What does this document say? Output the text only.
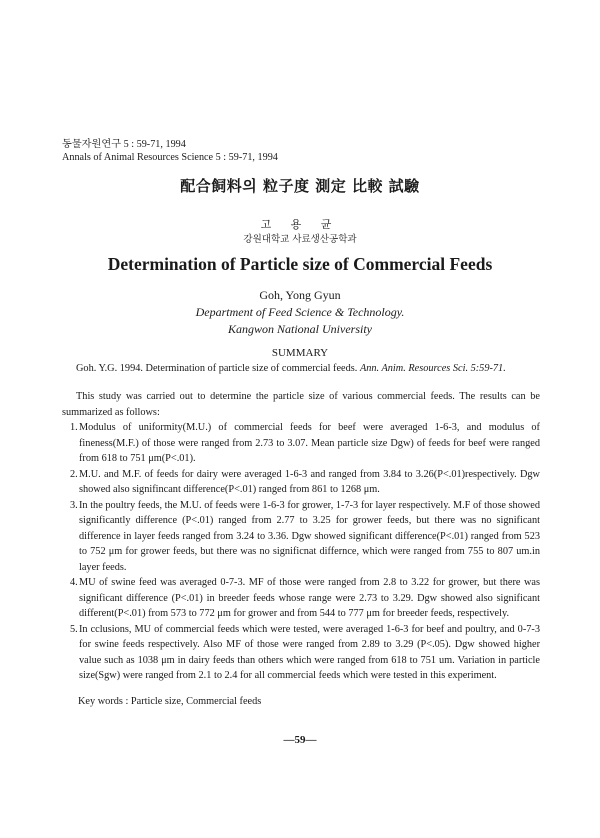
동물자원연구 5 : 59-71, 1994
Annals of Animal Resources Science 5 : 59-71, 1994
配合飼料의 粒子度 測定 比較 試驗
고 용 균
강원대학교 사료생산공학과
Determination of Particle size of Commercial Feeds
Goh, Yong Gyun
Department of Feed Science & Technology.
Kangwon National University
SUMMARY
Goh. Y.G. 1994. Determination of particle size of commercial feeds. Ann. Anim. Resources Sci. 5:59-71.
This study was carried out to determine the particle size of various commercial feeds. The results can be summarized as follows:
1. Modulus of uniformity(M.U.) of commercial feeds for beef were averaged 1-6-3, and modulus of fineness(M.F.) of those were ranged from 2.73 to 3.07. Mean particle size Dgw) of feeds for beef were ranged from 618 to 751 μm(P<.01).
2. M.U. and M.F. of feeds for dairy were averaged 1-6-3 and ranged from 3.84 to 3.26(P<.01)respectively. Dgw showed also signifincant difference(P<.01) ranged from 861 to 1268 μm.
3. In the poultry feeds, the M.U. of feeds were 1-6-3 for grower, 1-7-3 for layer respectively. M.F of those showed significantly difference (P<.01) ranged from 2.77 to 3.25 for grower feeds, but there was no significant difference in layer feeds ranged from 3.24 to 3.36. Dgw showed significant difference(P<.01) ranged from 523 to 752 μm for grower feeds, but there was no significnat differnce, which were ranged from 755 to 807 um.in layer feeds.
4. MU of swine feed was averaged 0-7-3. MF of those were ranged from 2.8 to 3.22 for grower, but there was significant difference (P<.01) in breeder feeds whose range were 2.73 to 3.29. Dgw showed also significant different(P<.01) from 573 to 772 μm for grower and from 544 to 777 μm for breeder feeds, respectively.
5. In cclusions, MU of commercial feeds which were tested, were averaged 1-6-3 for beef and poultry, and 0-7-3 for swine feeds respectively. Also MF of those were ranged from 2.89 to 3.29 (P<.05). Dgw showed higher value such as 1038 μm in dairy feeds than others which were ranged from 618 to 751 um. Variation in particle size(Sgw) were ranged from 2.1 to 2.4 for all commercial feeds which were tested in this experiment.
Key words : Particle size, Commercial feeds
—59—
